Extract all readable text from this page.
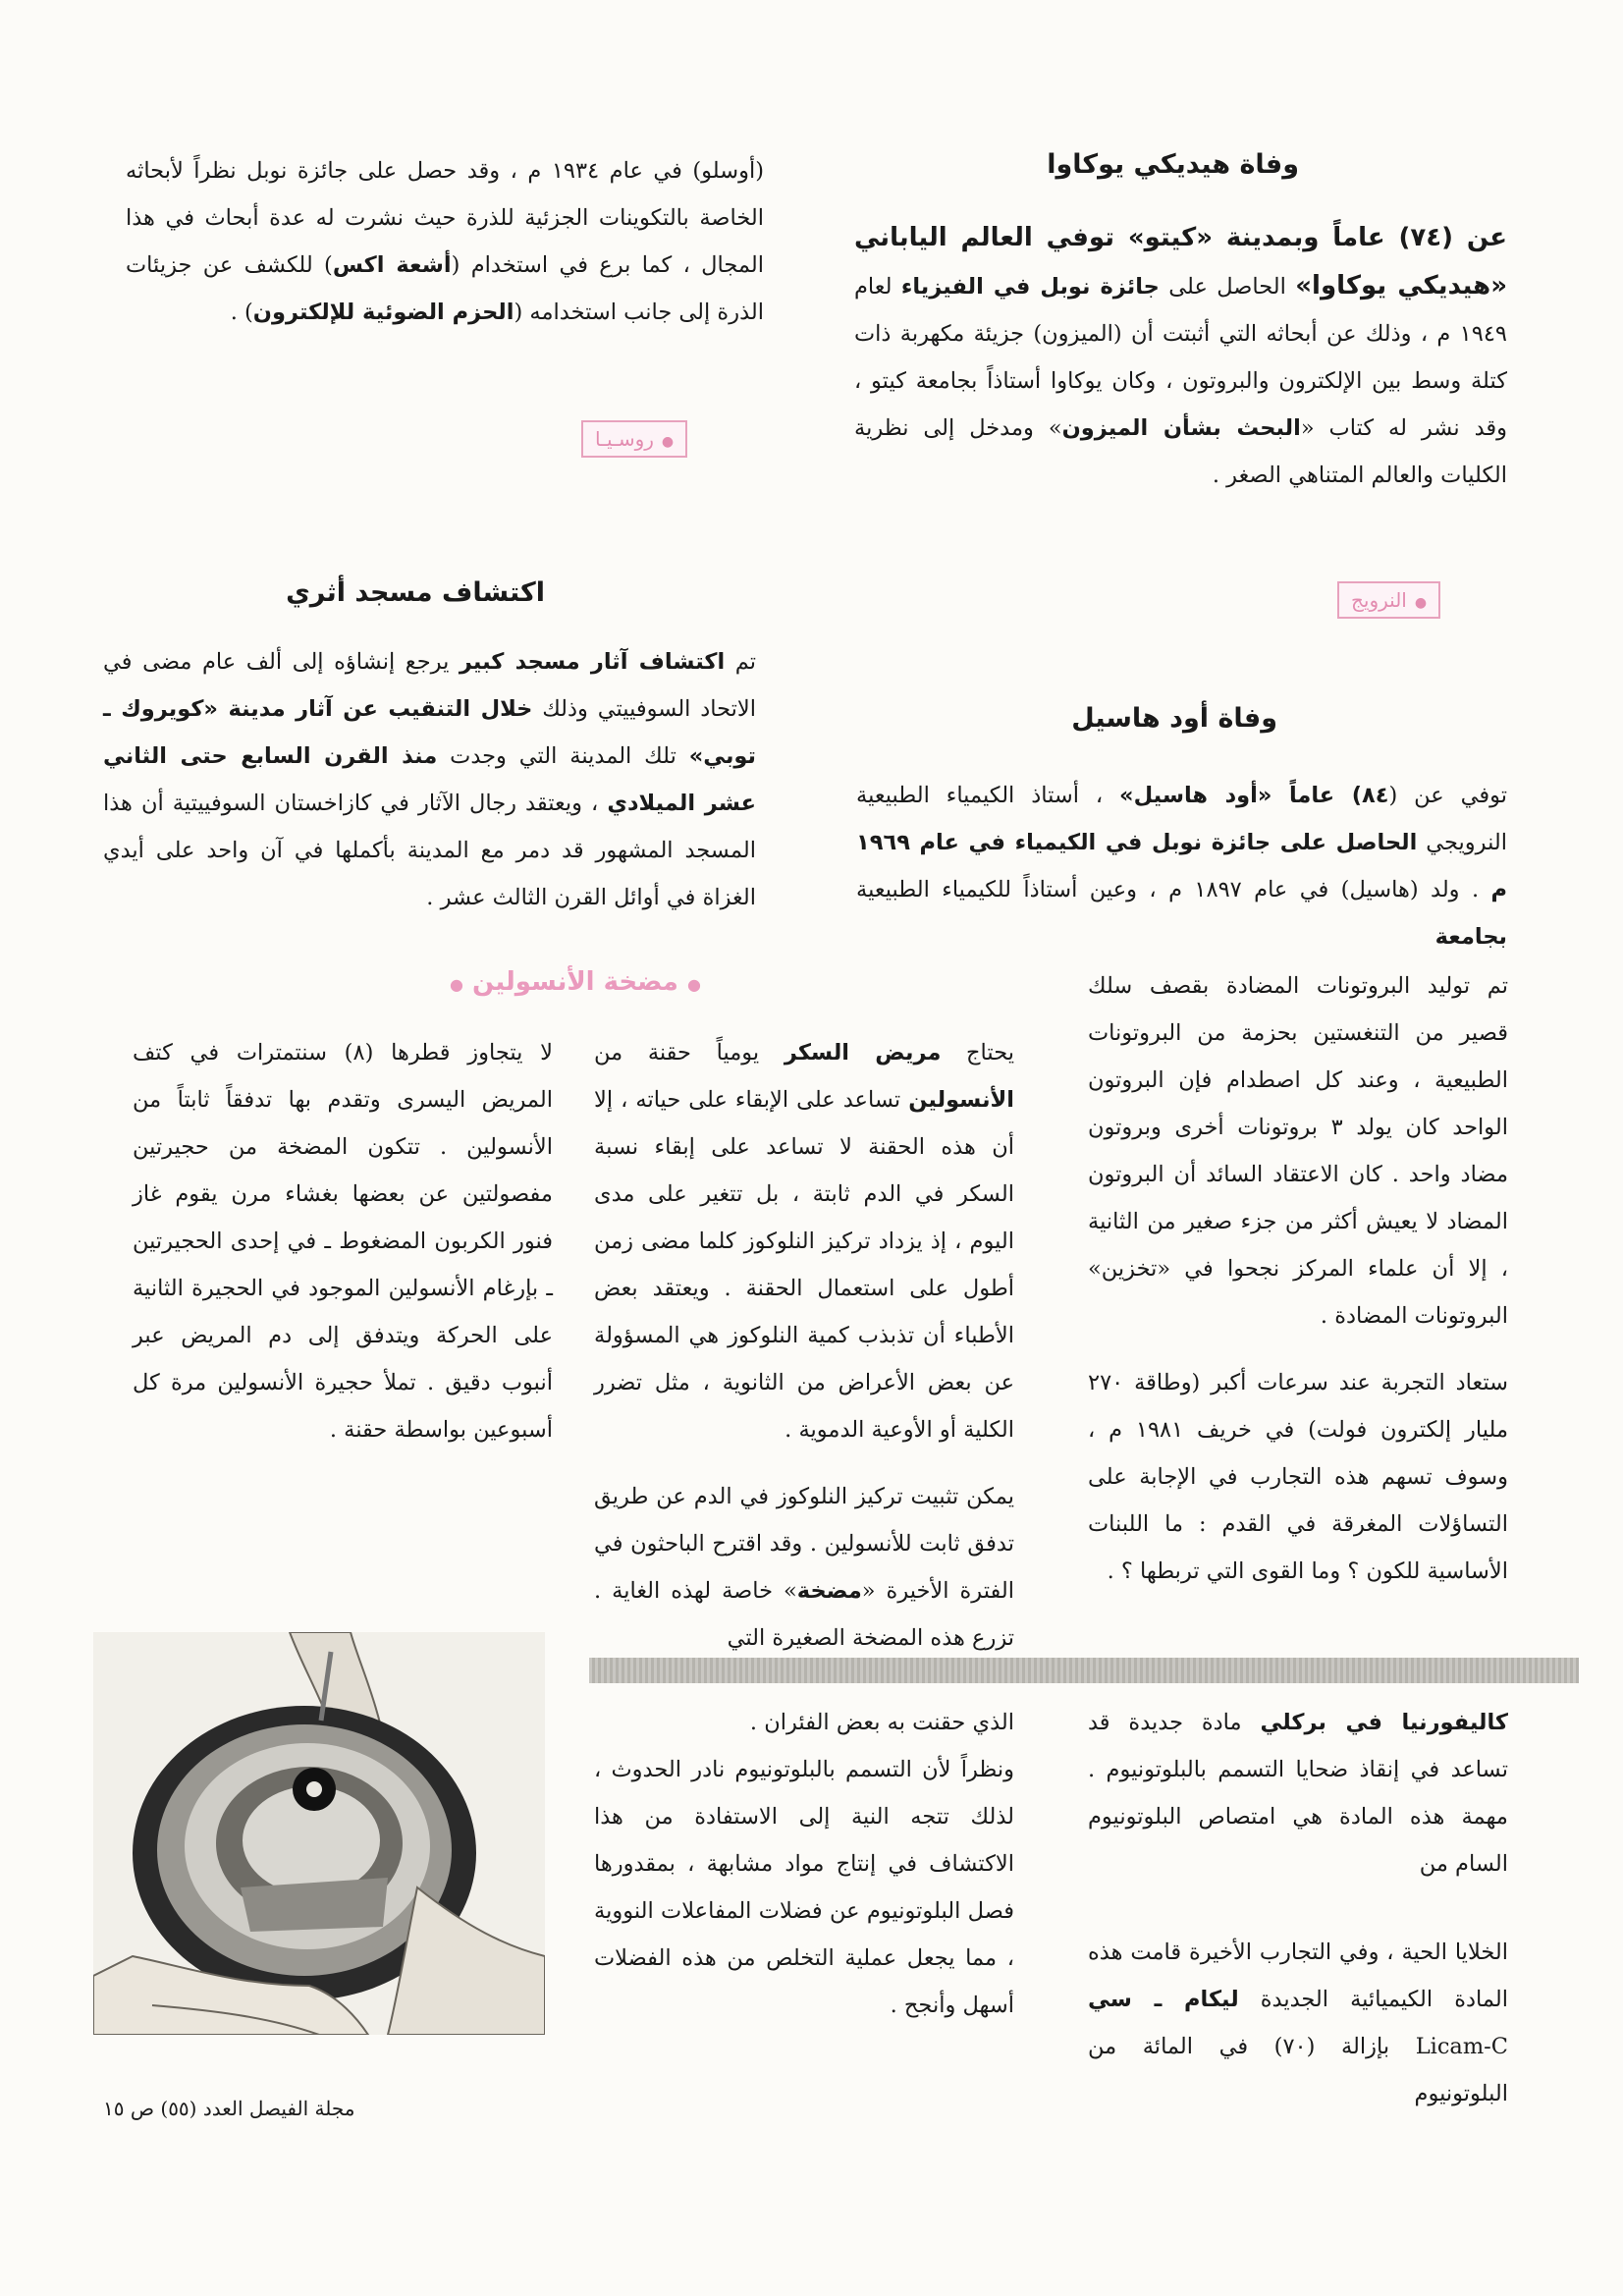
وفاة هيديكي يوكاوا

عن (٧٤) عاماً وبمدينة «كيتو» توفي العالم الياباني «هيديكي يوكاوا» الحاصل على جائزة نوبل في الفيزياء لعام ١٩٤٩ م ، وذلك عن أبحاثه التي أثبتت أن (الميزون) جزيئة مكهربة ذات كتلة وسط بين الإلكترون والبروتون ، وكان يوكاوا أستاذاً بجامعة كيتو ، وقد نشر له كتاب «البحث بشأن الميزون» ومدخل إلى نظرية الكليات والعالم المتناهي الصغر .

(أوسلو) في عام ١٩٣٤ م ، وقد حصل على جائزة نوبل نظراً لأبحاثه الخاصة بالتكوينات الجزئية للذرة حيث نشرت له عدة أبحاث في هذا المجال ، كما برع في استخدام (أشعة اكس) للكشف عن جزيئات الذرة إلى جانب استخدامه (الحزم الضوئية للإلكترون) .

●روسـيـا
●النرويج
اكتشاف مسجد أثري

تم اكتشاف آثار مسجد كبير يرجع إنشاؤه إلى ألف عام مضى في الاتحاد السوفييتي وذلك خلال التنقيب عن آثار مدينة «كويروك ـ توبي» تلك المدينة التي وجدت منذ القرن السابع حتى الثاني عشر الميلادي ، ويعتقد رجال الآثار في كازاخستان السوفييتية أن هذا المسجد المشهور قد دمر مع المدينة بأكملها في آن واحد على أيدي الغزاة في أوائل القرن الثالث عشر .

وفاة أود هاسيل

توفي عن (٨٤) عاماً «أود هاسيل» ، أستاذ الكيمياء الطبيعية النرويجي الحاصل على جائزة نوبل في الكيمياء في عام ١٩٦٩ م . ولد (هاسيل) في عام ١٨٩٧ م ، وعين أستاذاً للكيمياء الطبيعية بجامعة

● مضخة الأنسولين ●	تم توليد البروتونات المضادة بقصف سلك قصير من التنغستين بحزمة من البروتونات الطبيعية ، وعند كل اصطدام فإن البروتون الواحد كان يولد ٣ بروتونات أخرى وبروتون مضاد واحد . كان الاعتقاد السائد أن البروتون المضاد لا يعيش أكثر من جزء صغير من الثانية ، إلا أن علماء المركز نجحوا في «تخزين» البروتونات المضادة .

ستعاد التجربة عند سرعات أكبر (وطاقة ٢٧٠ مليار إلكترون فولت) في خريف ١٩٨١ م ، وسوف تسهم هذه التجارب في الإجابة على التساؤلات المغرقة في القدم : ما اللبنات الأساسية للكون ؟ وما القوى التي تربطها ؟ .

يحتاج مريض السكر يومياً حقنة من الأنسولين تساعد على الإبقاء على حياته ، إلا أن هذه الحقنة لا تساعد على إبقاء نسبة السكر في الدم ثابتة ، بل تتغير على مدى اليوم ، إذ يزداد تركيز النلوكوز كلما مضى زمن أطول على استعمال الحقنة . ويعتقد بعض الأطباء أن تذبذب كمية النلوكوز هي المسؤولة عن بعض الأعراض من الثانوية ، مثل تضرر الكلية أو الأوعية الدموية .

يمكن تثبيت تركيز النلوكوز في الدم عن طريق تدفق ثابت للأنسولين . وقد اقترح الباحثون في الفترة الأخيرة «مضخة» خاصة لهذه الغاية . تزرع هذه المضخة الصغيرة التي

لا يتجاوز قطرها (٨) سنتمترات في كتف المريض اليسرى وتقدم بها تدفقاً ثابتاً من الأنسولين . تتكون المضخة من حجيرتين مفصولتين عن بعضها بغشاء مرن يقوم غاز فنور الكربون المضغوط ـ في إحدى الحجيرتين ـ بإرغام الأنسولين الموجود في الحجيرة الثانية على الحركة ويتدفق إلى دم المريض عبر أنبوب دقيق . تملأ حجيرة الأنسولين مرة كل أسبوعين بواسطة حقنة .

كاليفورنيا في بركلي مادة جديدة قد تساعد في إنقاذ ضحايا التسمم بالبلوتونيوم . مهمة هذه المادة هي امتصاص البلوتونيوم السام من

الخلايا الحية ، وفي التجارب الأخيرة قامت هذه المادة الكيميائية الجديدة ليكام ـ سي Licam-C بإزالة (٧٠) في المائة من البلوتونيوم

الذي حقنت به بعض الفئران .

ونظراً لأن التسمم بالبلوتونيوم نادر الحدوث ، لذلك تتجه النية إلى الاستفادة من هذا الاكتشاف في إنتاج مواد مشابهة ، بمقدورها فصل البلوتونيوم عن فضلات المفاعلات النووية ، مما يجعل عملية التخلص من هذه الفضلات أسهل وأنجح .

مجلة الفيصل العدد (٥٥) ص ١٥
